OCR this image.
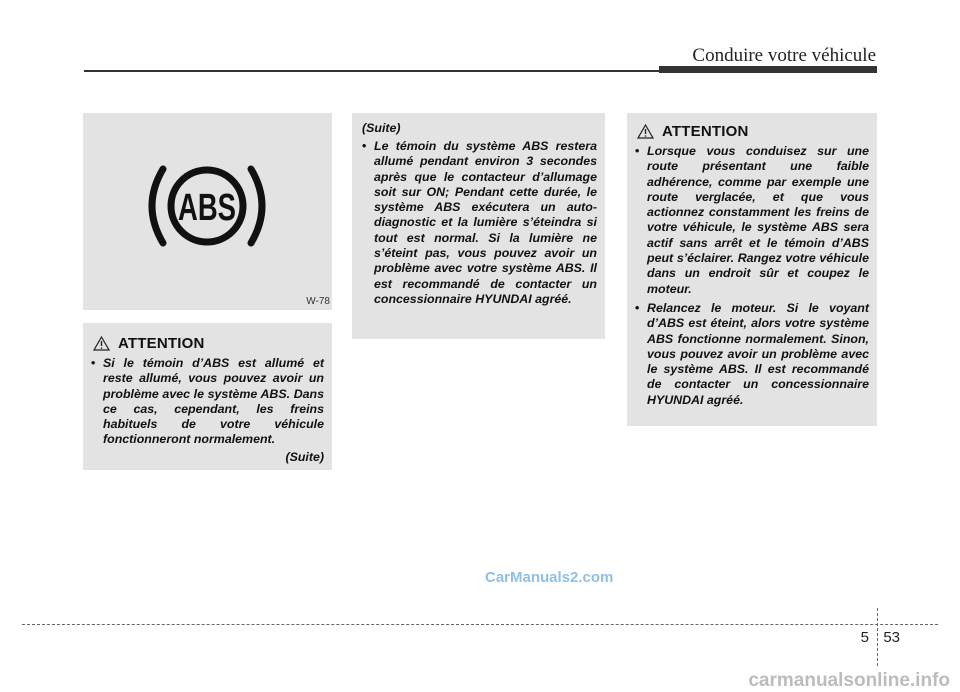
Conduire votre véhicule
ABS
W-78
ATTENTION

• Si le témoin d’ABS est allumé et reste allumé, vous pouvez avoir un problème avec le système ABS. Dans ce cas, cependant, les freins habituels de votre véhicule fonctionneront normalement.

(Suite)

(Suite)

• Le témoin du système ABS restera allumé pendant environ 3 secondes après que le contacteur d’allumage soit sur ON; Pendant cette durée, le système ABS exécutera un auto-diagnostic et la lumière s’éteindra si tout est normal. Si la lumière ne s’éteint pas, vous pouvez avoir un problème avec votre système ABS. Il est recommandé de contacter un concessionnaire HYUNDAI agréé.

ATTENTION

• Lorsque vous conduisez sur une route présentant une faible adhérence, comme par exemple une route verglacée, et que vous actionnez constamment les freins de votre véhicule, le système ABS sera actif sans arrêt et le témoin d’ABS peut s’éclairer. Rangez votre véhicule dans un endroit sûr et coupez le moteur.

• Relancez le moteur. Si le voyant d’ABS est éteint, alors votre système ABS fonctionne normalement. Sinon, vous pouvez avoir un problème avec le système ABS. Il est recommandé de contacter un concessionnaire HYUNDAI agréé.

CarManuals2.com
5 53
carmanualsonline.info
